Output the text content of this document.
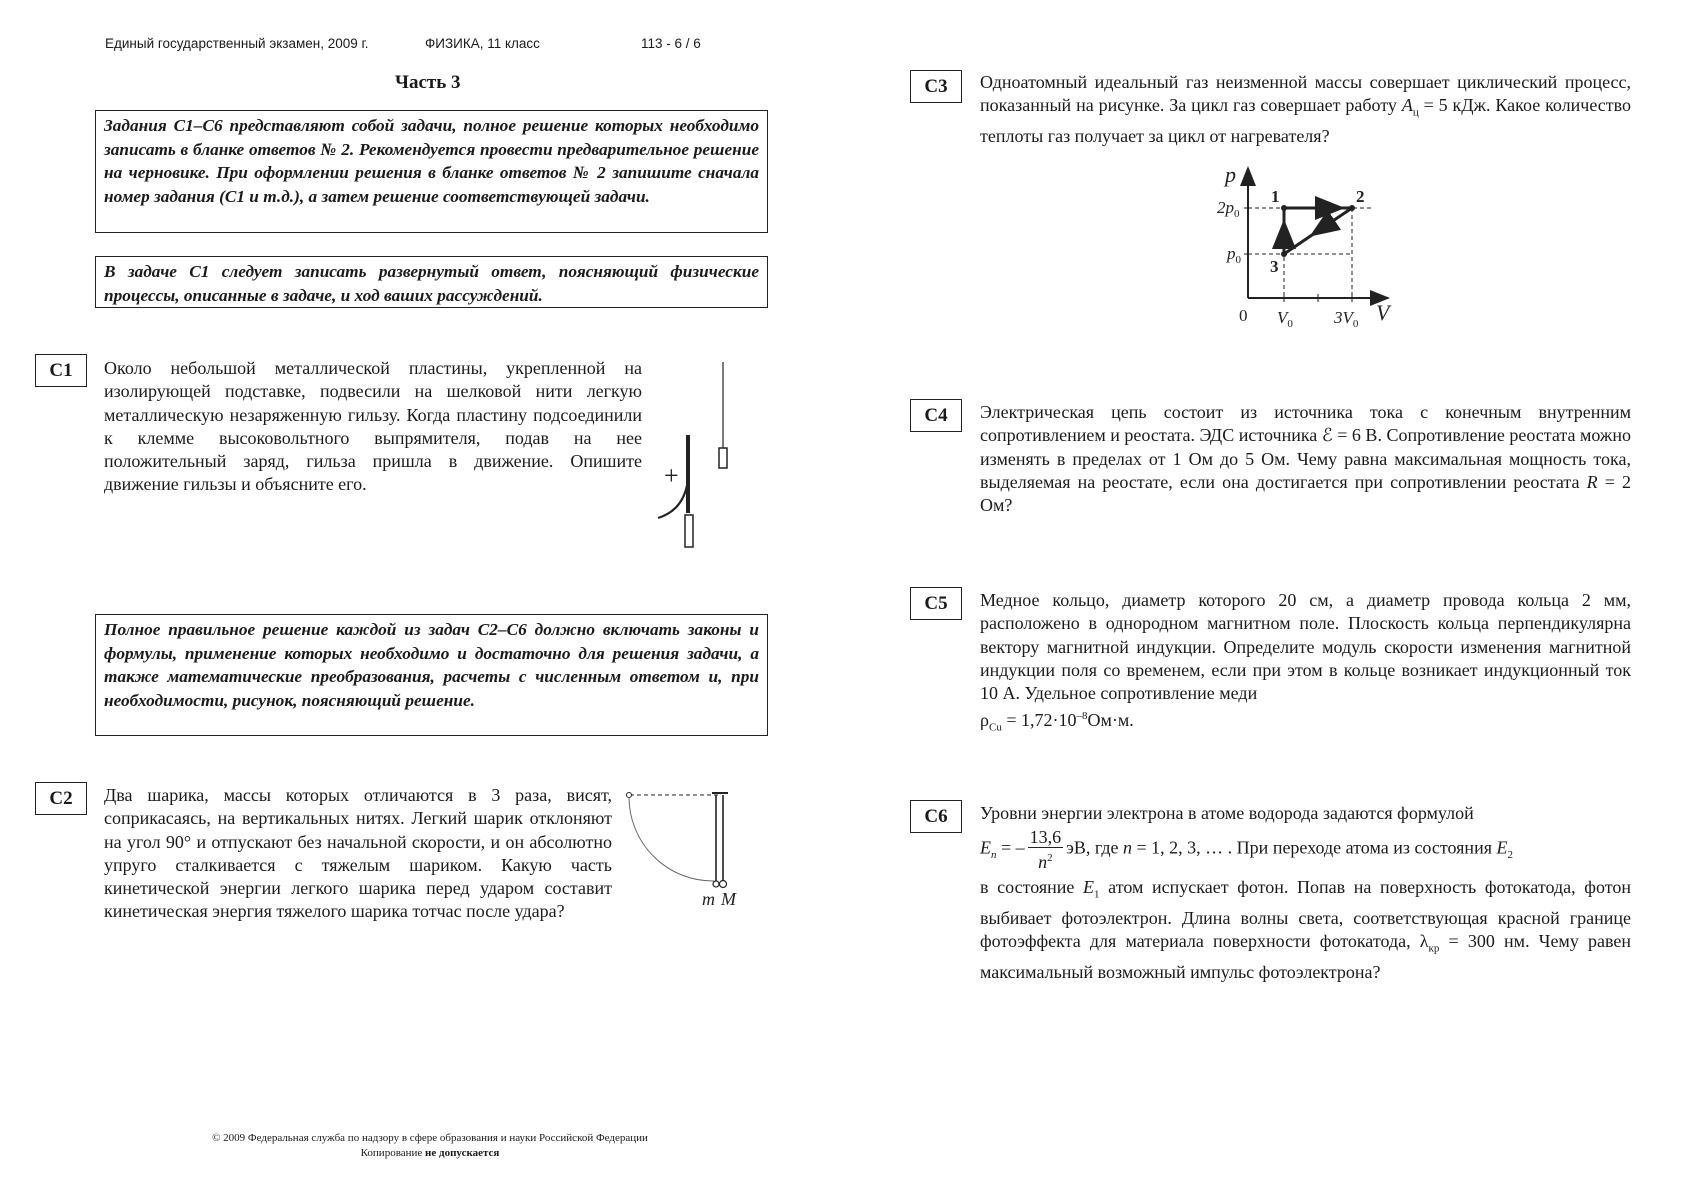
Единый государственный экзамен, 2009 г.	ФИЗИКА, 11 класс	113 - 6 / 6
Часть 3
Задания С1–С6 представляют собой задачи, полное решение которых необходимо записать в бланке ответов № 2. Рекомендуется провести предварительное решение на черновике. При оформлении решения в бланке ответов № 2 запишите сначала номер задания (С1 и т.д.), а затем решение соответствующей задачи.
В задаче С1 следует записать развернутый ответ, поясняющий физические процессы, описанные в задаче, и ход ваших рассуждений.
Полное правильное решение каждой из задач С2–С6 должно включать законы и формулы, применение которых необходимо и достаточно для решения задачи, а также математические преобразования, расчеты с численным ответом и, при необходимости, рисунок, поясняющий решение.
С1	Около небольшой металлической пластины, укрепленной на изолирующей подставке, подвесили на шелковой нити легкую металлическую незаряженную гильзу. Когда пластину подсоединили к клемме высоковольтного выпрямителя, подав на нее положительный заряд, гильза пришла в движение. Опишите движение гильзы и объясните его.	+
С2	Два шарика, массы которых отличаются в 3 раза, висят, соприкасаясь, на вертикальных нитях. Легкий шарик отклоняют на угол 90° и отпускают без начальной скорости, и он абсолютно упруго сталкивается с тяжелым шариком. Какую часть кинетической энергии легкого шарика перед ударом составит кинетическая энергия тяжелого шарика тотчас после удара?
m M
© 2009 Федеральная служба по надзору в сфере образования и науки Российской Федерации
Копирование не допускается
С3	Одноатомный идеальный газ неизменной массы совершает циклический процесс, показанный на рисунке. За цикл газ совершает работу $A_ц = 5$ кДж. Какое количество теплоты газ получает за цикл от нагревателя?
p
V
0
$2p_0$
$p_0$
$V_0$ $3V_0$
1	2
3
С4	Электрическая цепь состоит из источника тока с конечным внутренним сопротивлением и реостата. ЭДС источника ℰ = 6 В. Сопротивление реостата можно изменять в пределах от 1 Ом до 5 Ом. Чему равна максимальная мощность тока, выделяемая на реостате, если она достигается при сопротивлении реостата R = 2 Ом?
С5	Медное кольцо, диаметр которого 20 см, а диаметр провода кольца 2 мм, расположено в однородном магнитном поле. Плоскость кольца перпендикулярна вектору магнитной индукции. Определите модуль скорости изменения магнитной индукции поля со временем, если при этом в кольце возникает индукционный ток 10 А. Удельное сопротивление меди
$\rho_{Cu} = 1,72\cdot 10^{-8}Ом\cdot м$.
С6	Уровни энергии электрона в атоме водорода задаются формулой
$E_n$ = – $\frac{13,6}{n^2}$ эВ, где n = 1, 2, 3, … . При переходе атома из состояния $E_2$
в состояние $E_1$ атом испускает фотон. Попав на поверхность фотокатода, фотон выбивает фотоэлектрон. Длина волны света, соответствующая красной границе фотоэффекта для материала поверхности фотокатода, $\lambda_{кр} = 300$ нм. Чему равен максимальный возможный импульс фотоэлектрона?
